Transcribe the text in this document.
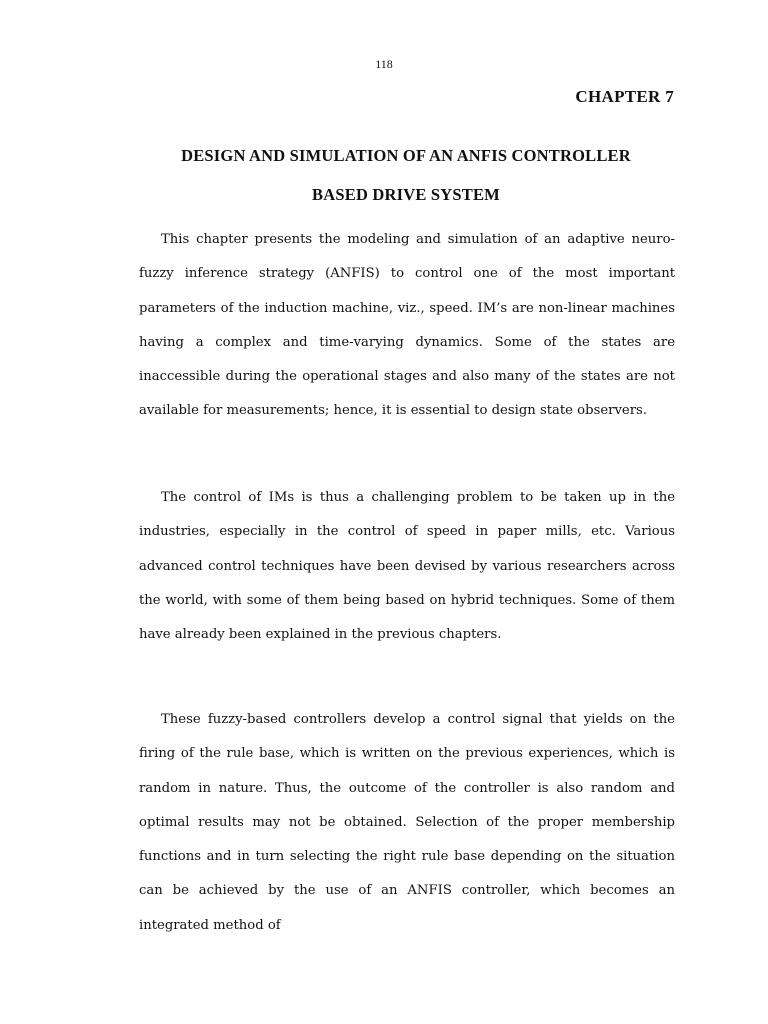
118
CHAPTER 7
DESIGN AND SIMULATION OF AN ANFIS CONTROLLER
BASED DRIVE SYSTEM

This chapter presents the modeling and simulation of an adaptive neuro-fuzzy inference strategy (ANFIS) to control one of the most important parameters of the induction machine, viz., speed. IM’s are non-linear machines having a complex and time-varying dynamics. Some of the states are inaccessible during the operational stages and also many of the states are not available for measurements; hence, it is essential to design state observers.

The control of IMs is thus a challenging problem to be taken up in the industries, especially in the control of speed in paper mills, etc. Various advanced control techniques have been devised by various researchers across the world, with some of them being based on hybrid techniques. Some of them have already been explained in the previous chapters.

These fuzzy-based controllers develop a control signal that yields on the firing of the rule base, which is written on the previous experiences, which is random in nature. Thus, the outcome of the controller is also random and optimal results may not be obtained. Selection of the proper membership functions and in turn selecting the right rule base depending on the situation can be achieved by the use of an ANFIS controller, which becomes an integrated method of
